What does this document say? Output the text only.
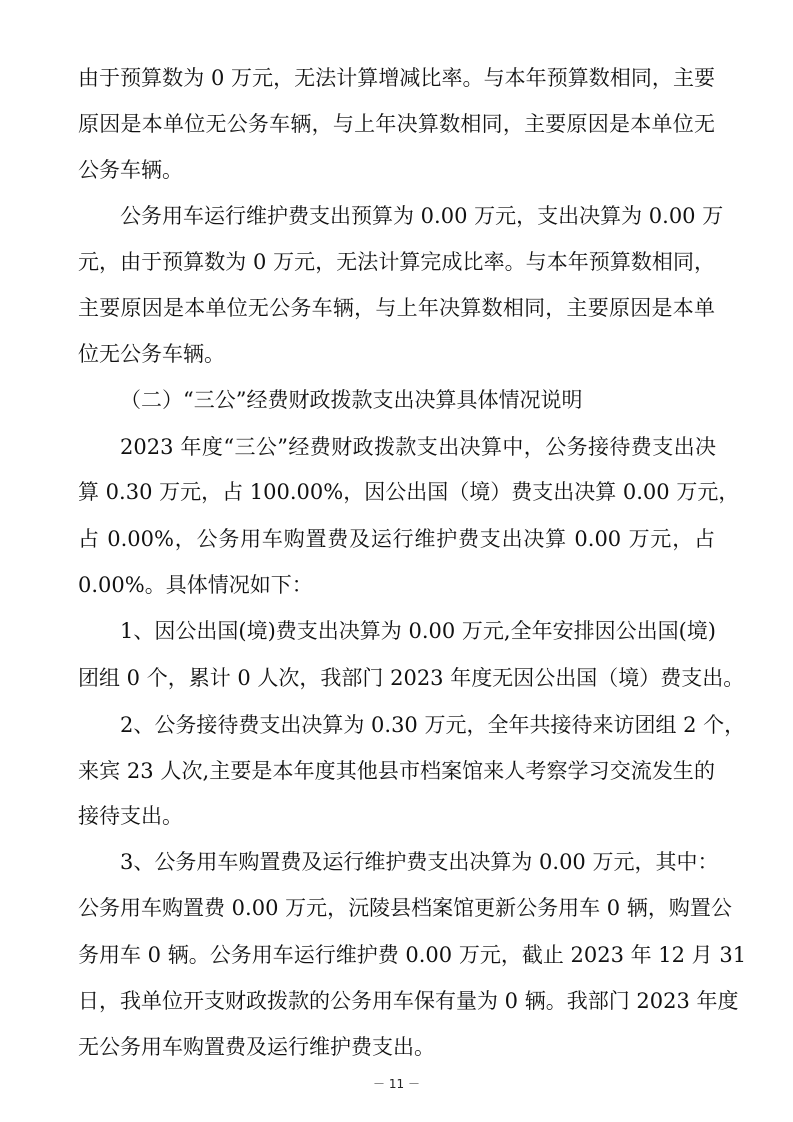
由于预算数为 0 万元，无法计算增减比率。与本年预算数相同，主要
原因是本单位无公务车辆，与上年决算数相同，主要原因是本单位无
公务车辆。
公务用车运行维护费支出预算为 0.00 万元，支出决算为 0.00 万
元，由于预算数为 0 万元，无法计算完成比率。与本年预算数相同，
主要原因是本单位无公务车辆，与上年决算数相同，主要原因是本单
位无公务车辆。
（二）“三公”经费财政拨款支出决算具体情况说明
2023 年度“三公”经费财政拨款支出决算中，公务接待费支出决
算 0.30 万元，占 100.00%，因公出国（境）费支出决算 0.00 万元，
占 0.00%，公务用车购置费及运行维护费支出决算 0.00 万元，占
0.00%。具体情况如下：
1、因公出国(境)费支出决算为 0.00 万元,全年安排因公出国(境)
团组 0 个，累计 0 人次，我部门 2023 年度无因公出国（境）费支出。
2、公务接待费支出决算为 0.30 万元，全年共接待来访团组 2 个，
来宾 23 人次,主要是本年度其他县市档案馆来人考察学习交流发生的
接待支出。
3、公务用车购置费及运行维护费支出决算为 0.00 万元，其中：
公务用车购置费 0.00 万元，沅陵县档案馆更新公务用车 0 辆，购置公
务用车 0 辆。公务用车运行维护费 0.00 万元，截止 2023 年 12 月 31
日，我单位开支财政拨款的公务用车保有量为 0 辆。我部门 2023 年度
无公务用车购置费及运行维护费支出。
－ 11 －
